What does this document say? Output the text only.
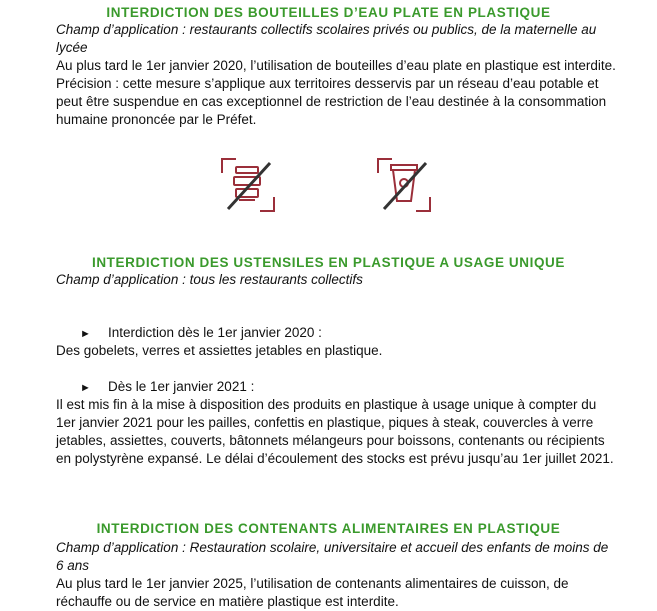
INTERDICTION DES BOUTEILLES D’EAU PLATE EN PLASTIQUE

Champ d’application : restaurants collectifs scolaires privés ou publics, de la maternelle au lycée

Au plus tard le 1er janvier 2020, l’utilisation de bouteilles d’eau plate en plastique est interdite. Précision : cette mesure s’applique aux territoires desservis par un réseau d’eau potable et peut être suspendue en cas exceptionnel de restriction de l’eau destinée à la consommation humaine prononcée par le Préfet.

INTERDICTION DES USTENSILES EN PLASTIQUE A USAGE UNIQUE

Champ d’application : tous les restaurants collectifs

► Interdiction dès le 1er janvier 2020 :

Des gobelets, verres et assiettes jetables en plastique.

► Dès le 1er janvier 2021 :

Il est mis fin à la mise à disposition des produits en plastique à usage unique à compter du 1er janvier 2021 pour les pailles, confettis en plastique, piques à steak, couvercles à verre jetables, assiettes, couverts, bâtonnets mélangeurs pour boissons, contenants ou récipients en polystyrène expansé. Le délai d’écoulement des stocks est prévu jusqu’au 1er juillet 2021.

INTERDICTION DES CONTENANTS ALIMENTAIRES EN PLASTIQUE

Champ d’application : Restauration scolaire, universitaire et accueil des enfants de moins de 6 ans

Au plus tard le 1er janvier 2025, l’utilisation de contenants alimentaires de cuisson, de réchauffe ou de service en matière plastique est interdite.
